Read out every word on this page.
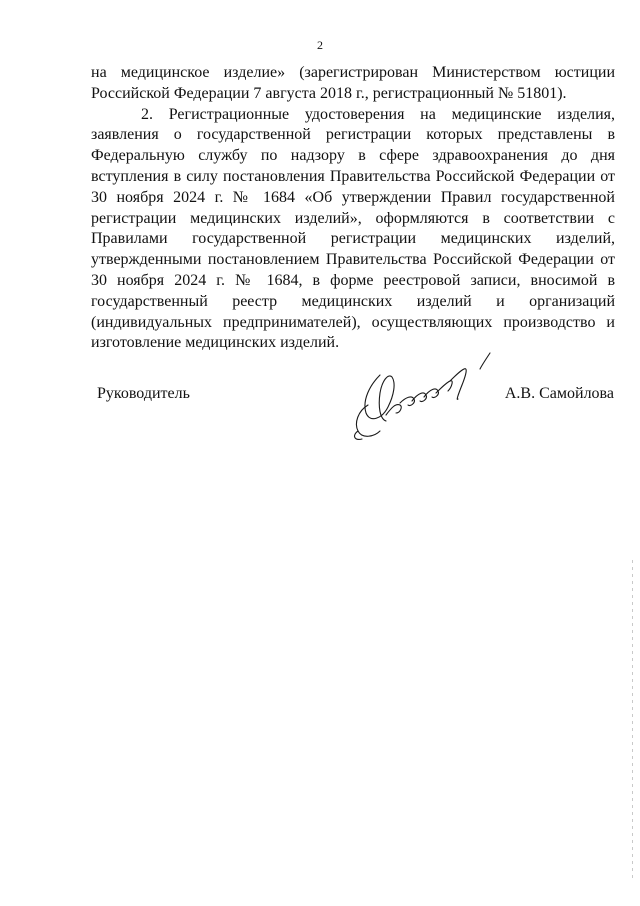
2

на медицинское изделие» (зарегистрирован Министерством юстиции Российской Федерации 7 августа 2018 г., регистрационный № 51801).

2. Регистрационные удостоверения на медицинские изделия, заявления о государственной регистрации которых представлены в Федеральную службу по надзору в сфере здравоохранения до дня вступления в силу постановления Правительства Российской Федерации от 30 ноября 2024 г. № 1684 «Об утверждении Правил государственной регистрации медицинских изделий», оформляются в соответствии с Правилами государственной регистрации медицинских изделий, утвержденными постановлением Правительства Российской Федерации от 30 ноября 2024 г. № 1684, в форме реестровой записи, вносимой в государственный реестр медицинских изделий и организаций (индивидуальных предпринимателей), осуществляющих производство и изготовление медицинских изделий.

Руководитель	А.В. Самойлова
